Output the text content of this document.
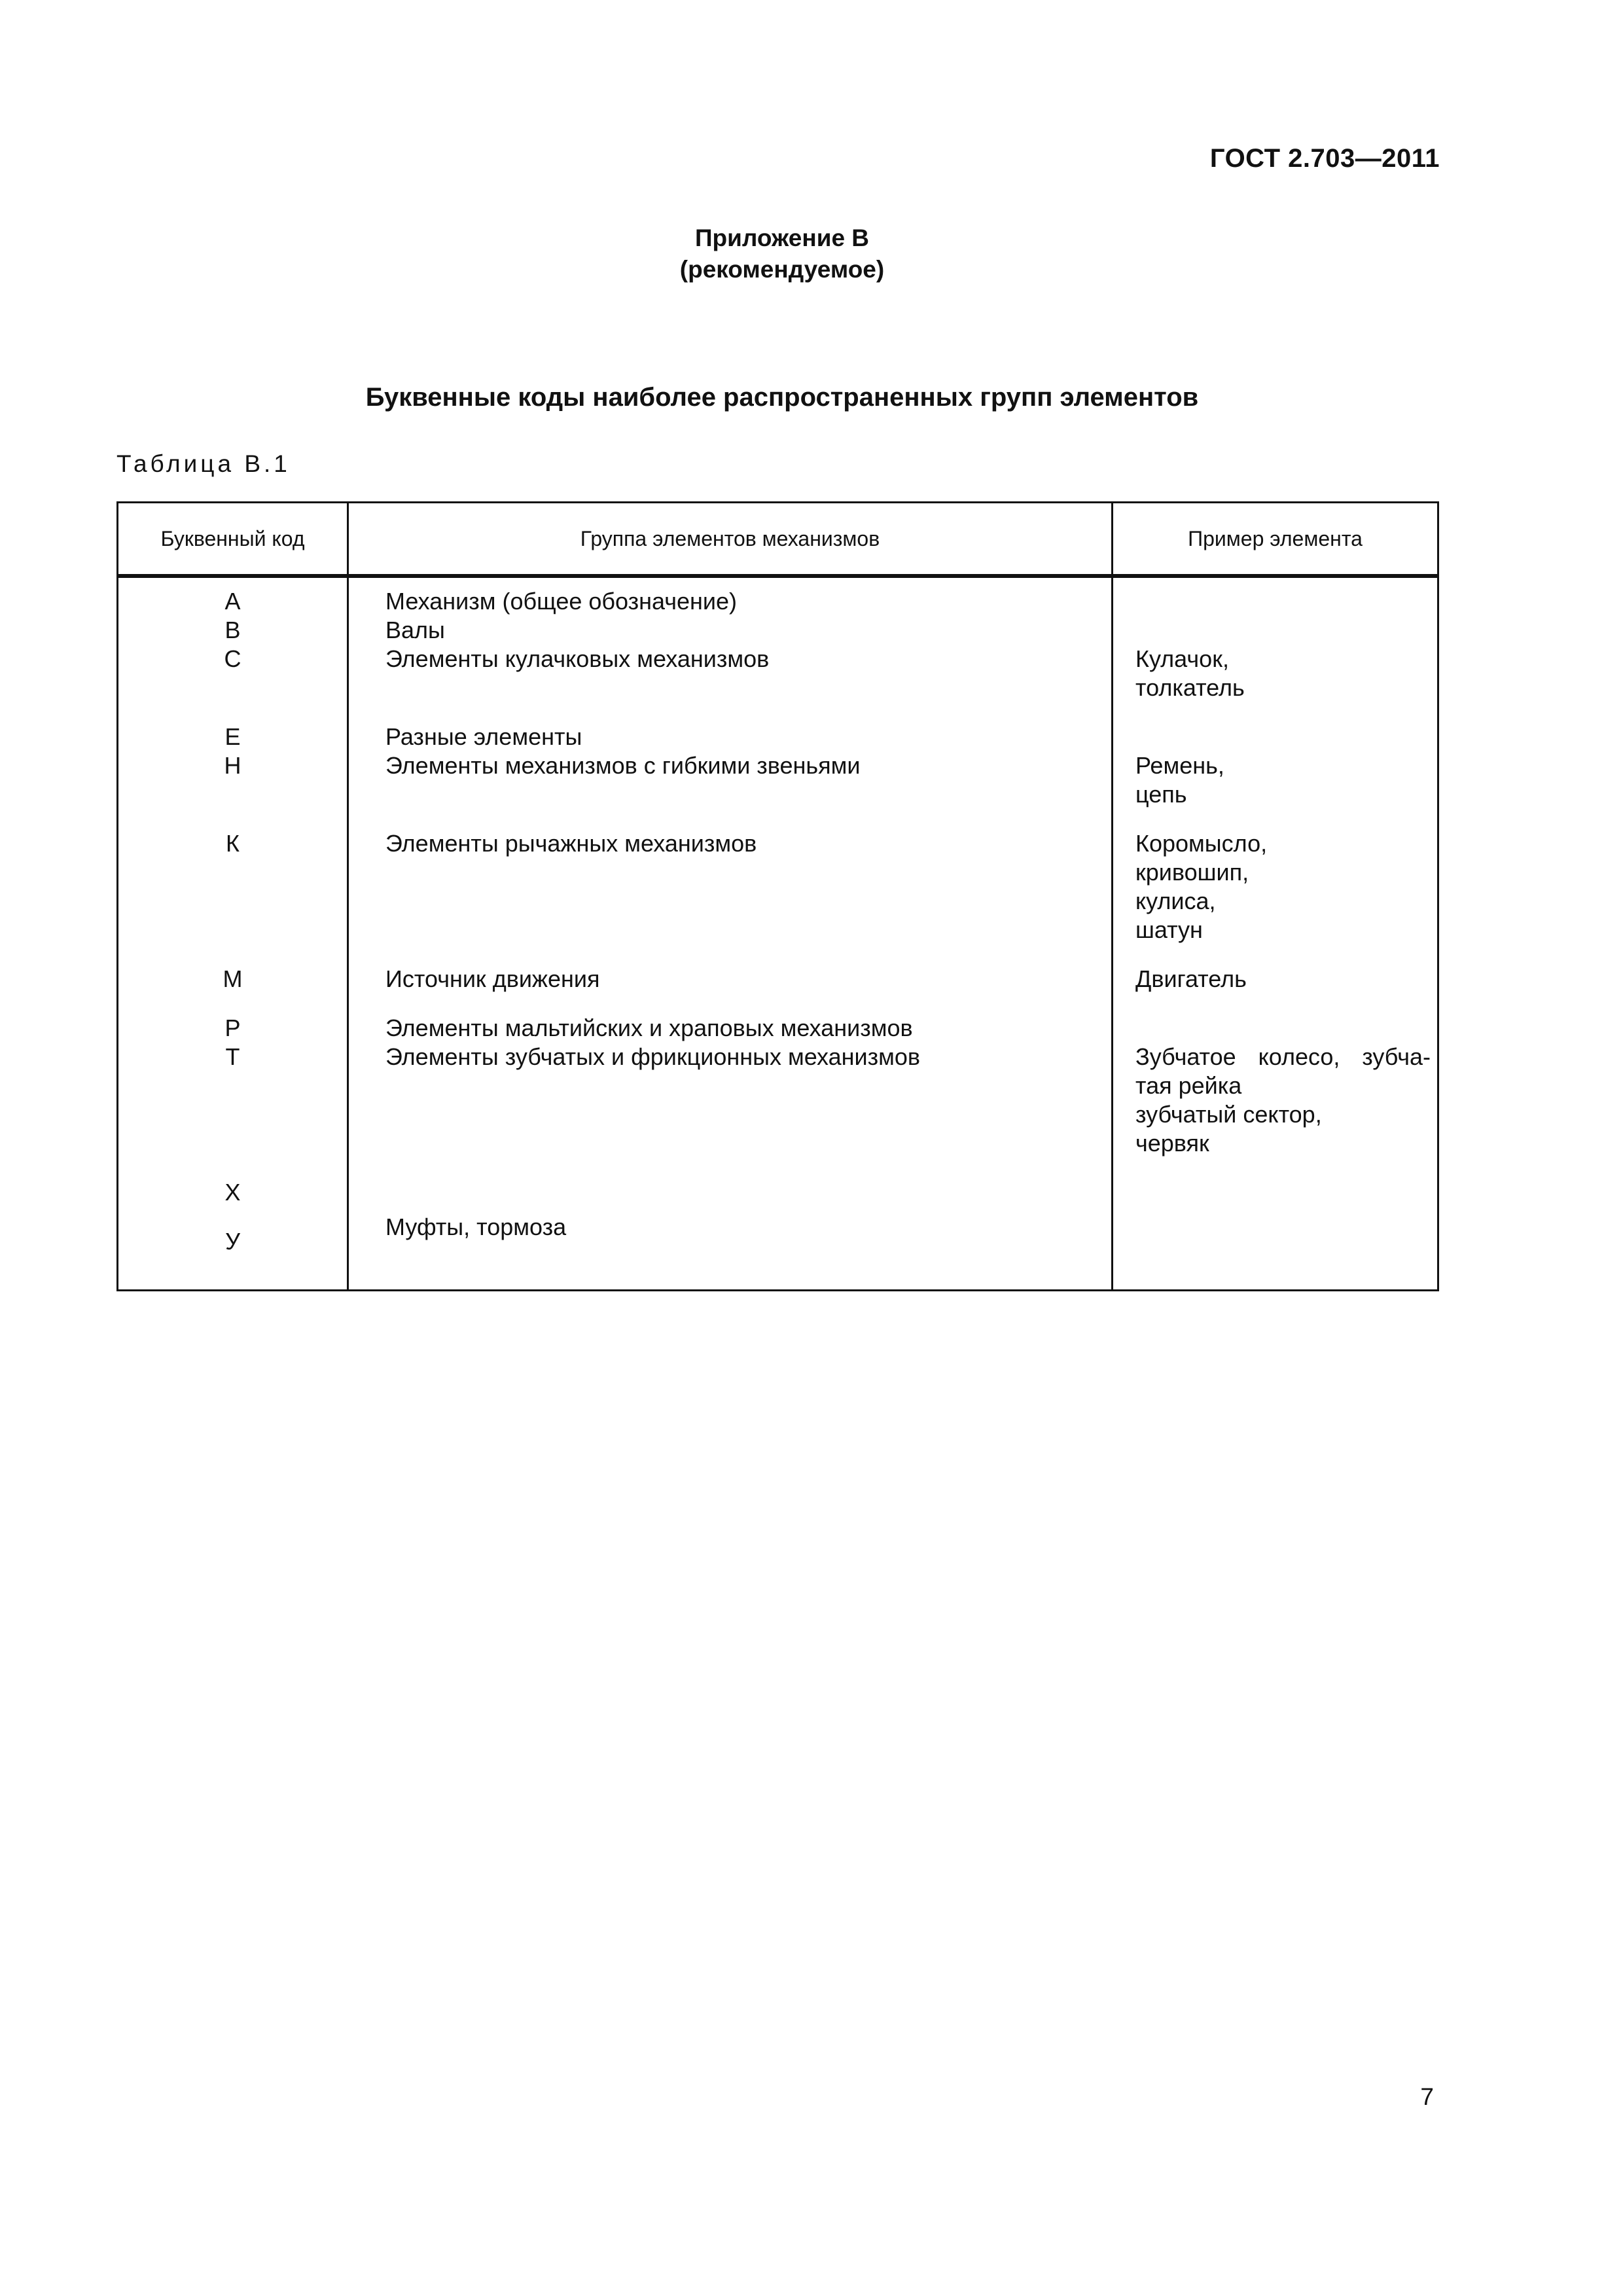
ГОСТ 2.703—2011
Приложение В
(рекомендуемое)
Буквенные коды наиболее распространенных групп элементов
Таблица В.1
Буквенный код	Группа элементов механизмов	Пример элемента
А	Механизм (общее обозначение)	

В	Валы	

С	Элементы кулачковых механизмов	Кулачок,
толкатель

Е	Разные элементы	

Н	Элементы механизмов с гибкими звеньями	Ремень,
цепь

К	Элементы рычажных механизмов	Коромысло,
кривошип,
кулиса,
шатун

М	Источник движения	Двигатель

Р	Элементы мальтийских и храповых механизмов	

Т	Элементы зубчатых и фрикционных механизмов	Зубчатое колесо, зубча-
тая рейка
зубчатый сектор,
червяк

Х
У	Муфты, тормоза	
7
